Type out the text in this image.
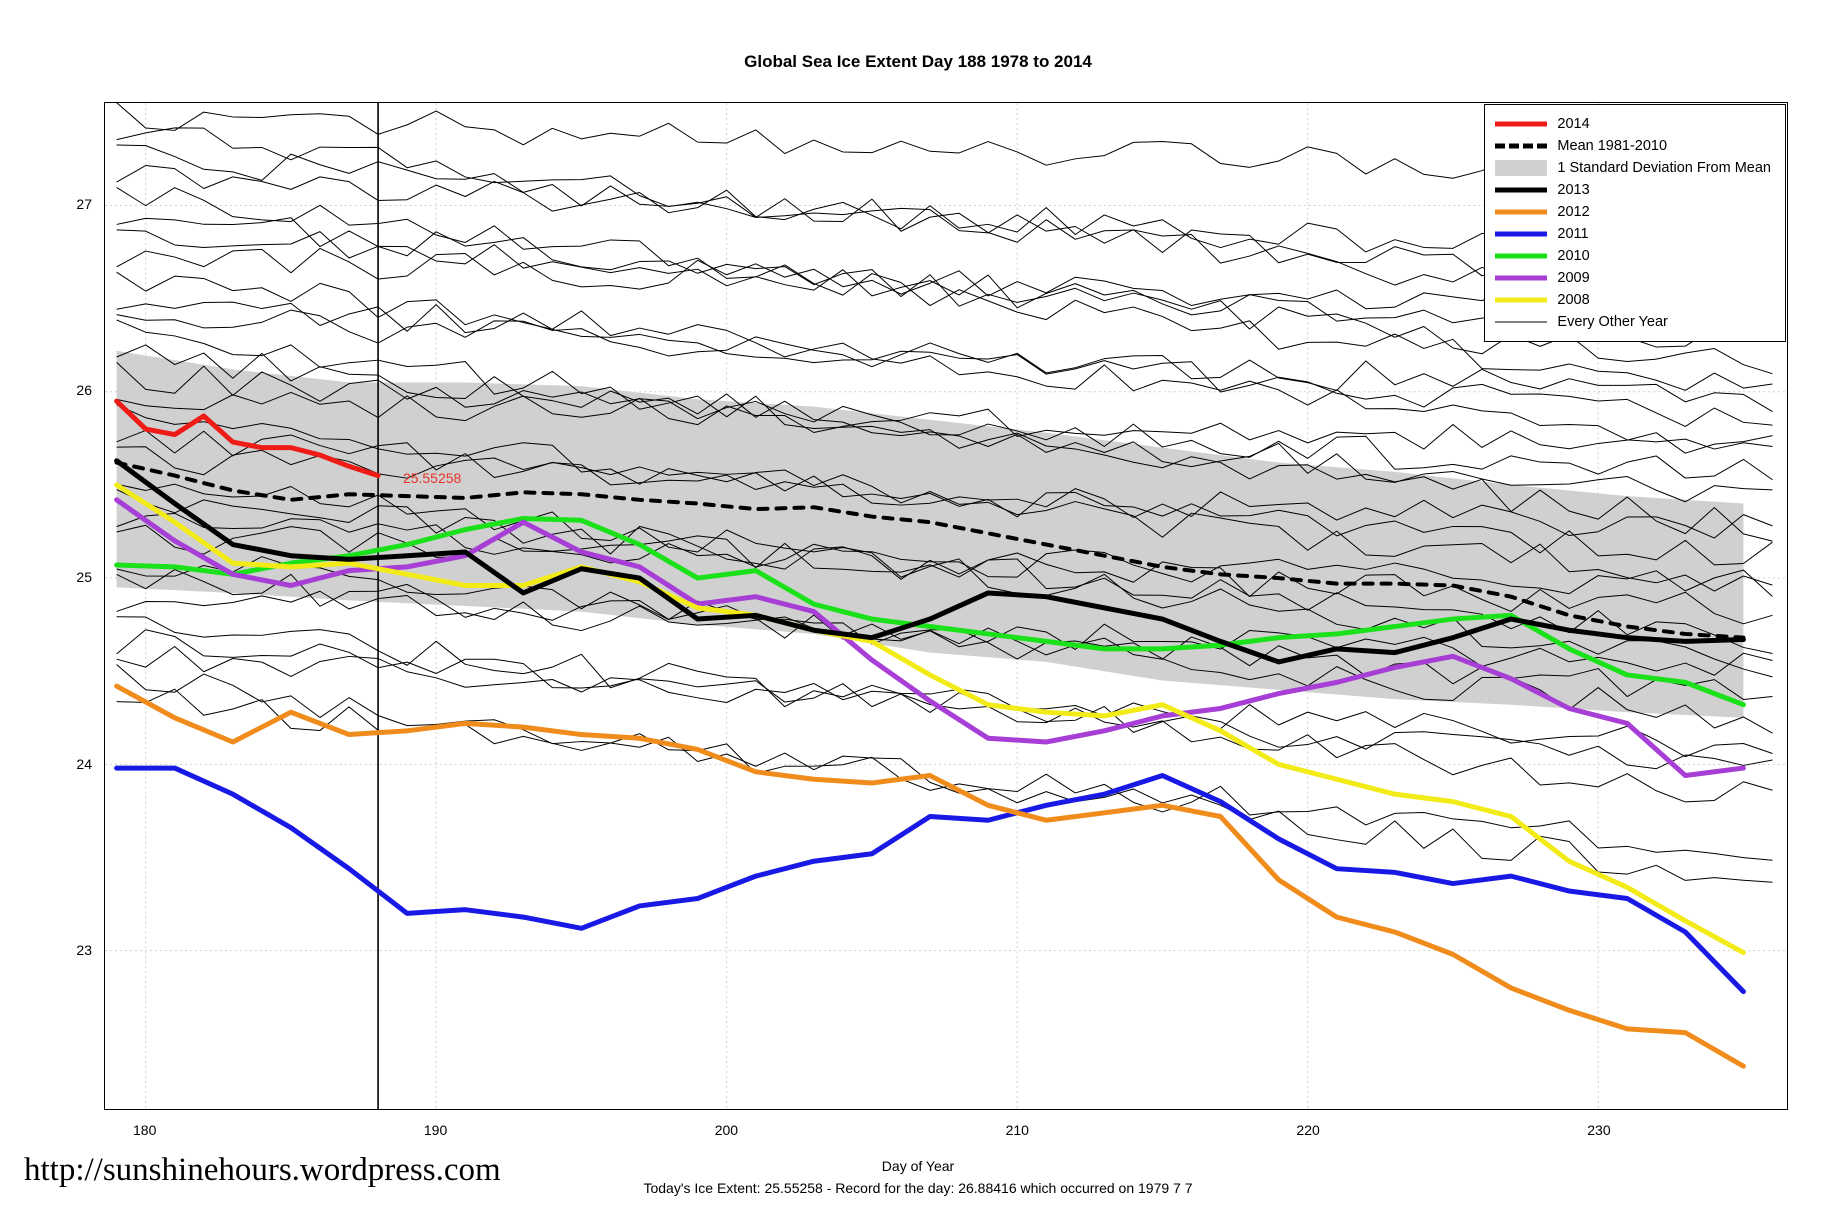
Global Sea Ice Extent Day 188 1978 to 2014
25.55258
2014
Mean 1981-2010
1 Standard Deviation From Mean
2013
2012
2011
2010
2009
2008
Every Other Year
23
24
25
26
27
180	190	200	210	220	230
http://sunshinehours.wordpress.com	Day of Year
Today's Ice Extent: 25.55258 - Record for the day: 26.88416 which occurred on 1979 7 7
